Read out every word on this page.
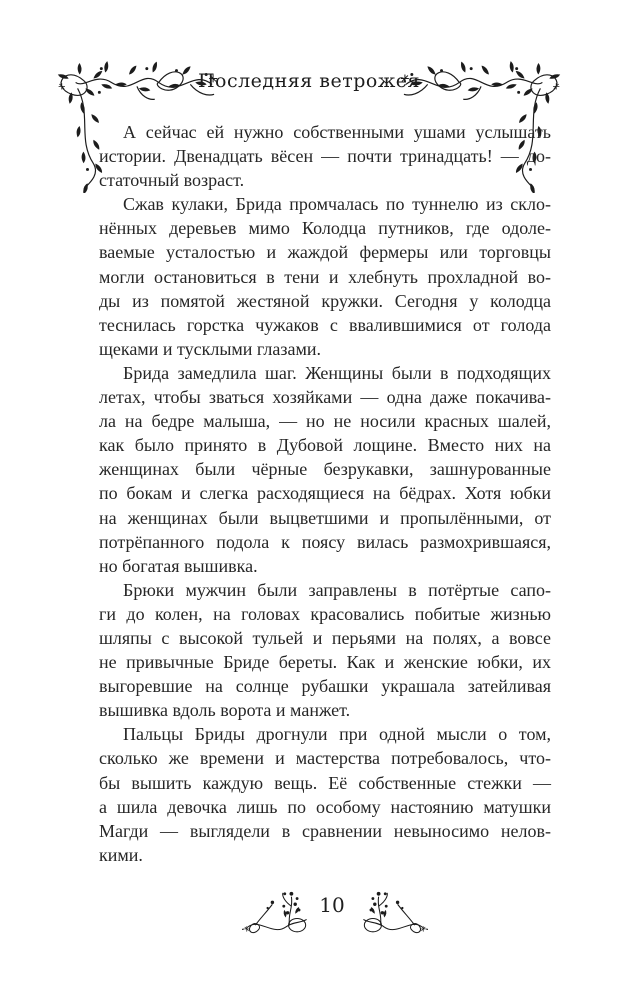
Последняя ветрожея
А сейчас ей нужно собственными ушами услышать
истории. Двенадцать вёсен — почти тринадцать! — до-
статочный возраст.
Сжав кулаки, Брида промчалась по туннелю из скло-
нённых деревьев мимо Колодца путников, где одоле-
ваемые усталостью и жаждой фермеры или торговцы
могли остановиться в тени и хлебнуть прохладной во-
ды из помятой жестяной кружки. Сегодня у колодца
теснилась горстка чужаков с ввалившимися от голода
щеками и тусклыми глазами.
Брида замедлила шаг. Женщины были в подходящих
летах, чтобы зваться хозяйками — одна даже покачива-
ла на бедре малыша, — но не носили красных шалей,
как было принято в Дубовой лощине. Вместо них на
женщинах были чёрные безрукавки, зашнурованные
по бокам и слегка расходящиеся на бёдрах. Хотя юбки
на женщинах были выцветшими и пропылёнными, от
потрёпанного подола к поясу вилась размохрившаяся,
но богатая вышивка.
Брюки мужчин были заправлены в потёртые сапо-
ги до колен, на головах красовались побитые жизнью
шляпы с высокой тульей и перьями на полях, а вовсе
не привычные Бриде береты. Как и женские юбки, их
выгоревшие на солнце рубашки украшала затейливая
вышивка вдоль ворота и манжет.
Пальцы Бриды дрогнули при одной мысли о том,
сколько же времени и мастерства потребовалось, что-
бы вышить каждую вещь. Её собственные стежки —
а шила девочка лишь по особому настоянию матушки
Магди — выглядели в сравнении невыносимо нелов-
кими.
10
